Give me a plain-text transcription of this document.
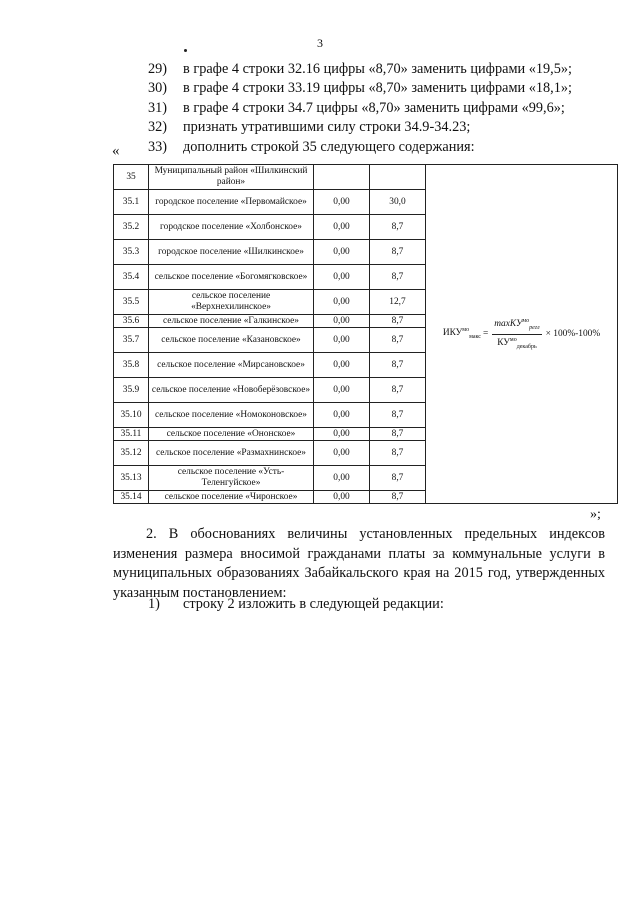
3
29)	в графе 4 строки 32.16 цифры «8,70» заменить цифрами «19,5»;
30)	в графе 4 строки 33.19 цифры «8,70» заменить цифрами «18,1»;
31)	в графе 4 строки 34.7 цифры «8,70» заменить цифрами «99,6»;
32)	признать утратившими силу строки 34.9-34.23;
33)	дополнить строкой 35 следующего содержания:
«
35	Муниципальный район «Шилкинский район»			$ИКУ^{мо}_{макс} = \frac{\max КУ^{мо}_{регл}}{КУ^{мо}_{декабрь}} \times 100\%-100\%$

35.1	городское поселение «Первомайское»	0,00	30,0	
35.2	городское поселение «Холбонское»	0,00	8,7	
35.3	городское поселение «Шилкинское»	0,00	8,7	
35.4	сельское поселение «Богомягковское»	0,00	8,7	
35.5	сельское поселение «Верхнехилинское»	0,00	12,7	
35.6	сельское поселение «Галкинское»	0,00	8,7	
35.7	сельское поселение «Казановское»	0,00	8,7	
35.8	сельское поселение «Мирсановское»	0,00	8,7	
35.9	сельское поселение «Новоберёзовское»	0,00	8,7	
35.10	сельское поселение «Номоконовское»	0,00	8,7	
35.11	сельское поселение «Ононское»	0,00	8,7	
35.12	сельское поселение «Размахнинское»	0,00	8,7	
35.13	сельское поселение «Усть-Теленгуйское»	0,00	8,7	
35.14	сельское поселение «Чиронское»	0,00	8,7	
»;
2. В обоснованиях величины установленных предельных индексов изменения размера вносимой гражданами платы за коммунальные услуги в муниципальных образованиях Забайкальского края на 2015 год, утвержденных указанным постановлением:
1)	строку 2 изложить в следующей редакции:
